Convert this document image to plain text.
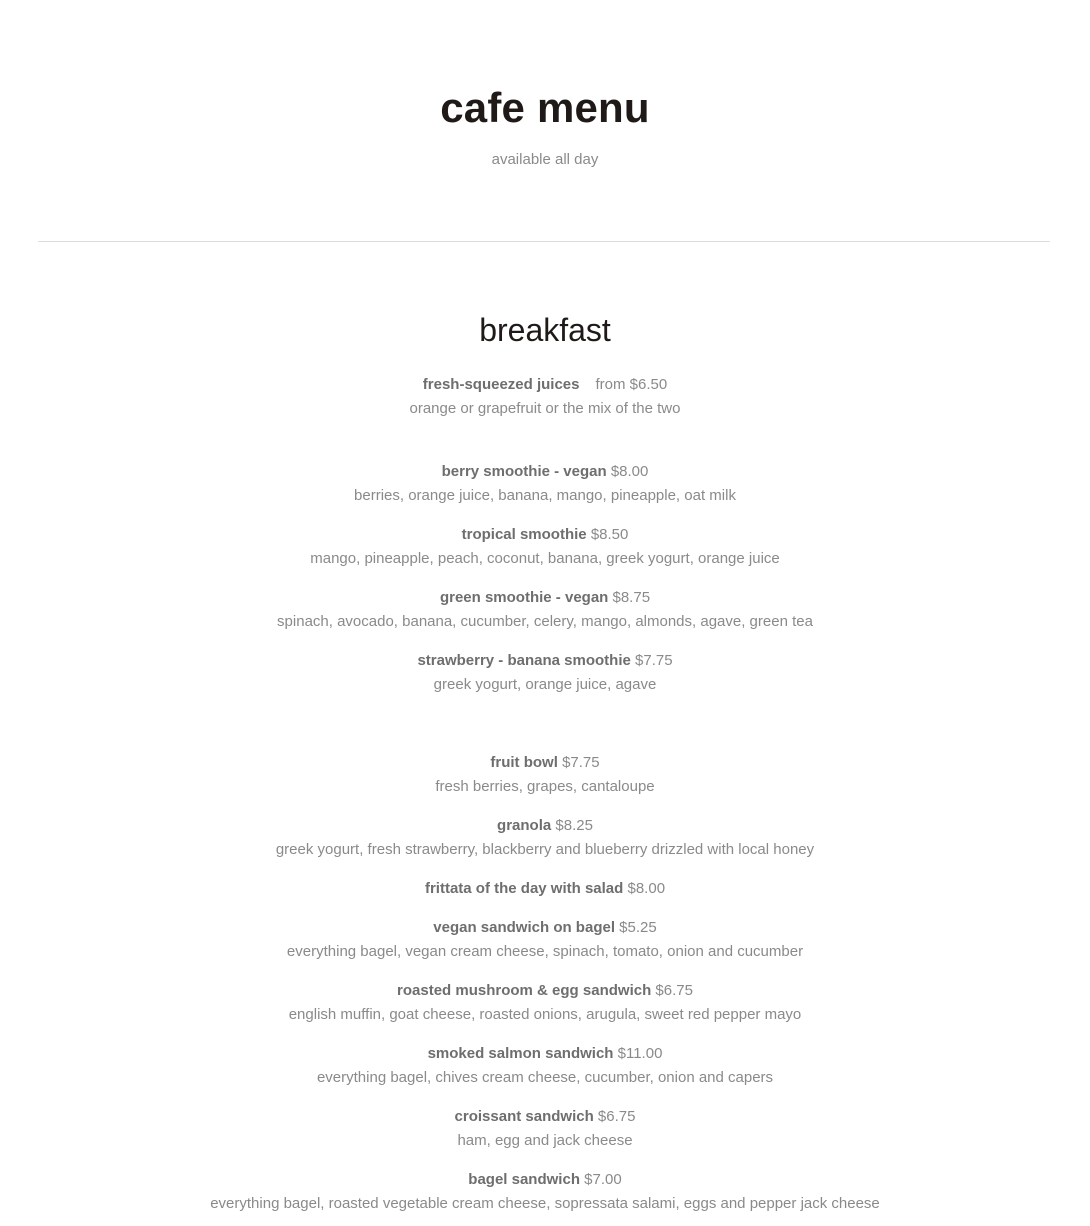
cafe menu

available all day

breakfast
fresh-squeezed juices from $6.50
orange or grapefruit or the mix of the two
berry smoothie - vegan $8.00
berries, orange juice, banana, mango, pineapple, oat milk
tropical smoothie $8.50
mango, pineapple, peach, coconut, banana, greek yogurt, orange juice
green smoothie - vegan $8.75
spinach, avocado, banana, cucumber, celery, mango, almonds, agave, green tea
strawberry - banana smoothie $7.75
greek yogurt, orange juice, agave
fruit bowl $7.75
fresh berries, grapes, cantaloupe
granola $8.25
greek yogurt, fresh strawberry, blackberry and blueberry drizzled with local honey
frittata of the day with salad $8.00
vegan sandwich on bagel $5.25
everything bagel, vegan cream cheese, spinach, tomato, onion and cucumber
roasted mushroom & egg sandwich $6.75
english muffin, goat cheese, roasted onions, arugula, sweet red pepper mayo
smoked salmon sandwich $11.00
everything bagel, chives cream cheese, cucumber, onion and capers
croissant sandwich $6.75
ham, egg and jack cheese
bagel sandwich $7.00
everything bagel, roasted vegetable cream cheese, sopressata salami, eggs and pepper jack cheese
